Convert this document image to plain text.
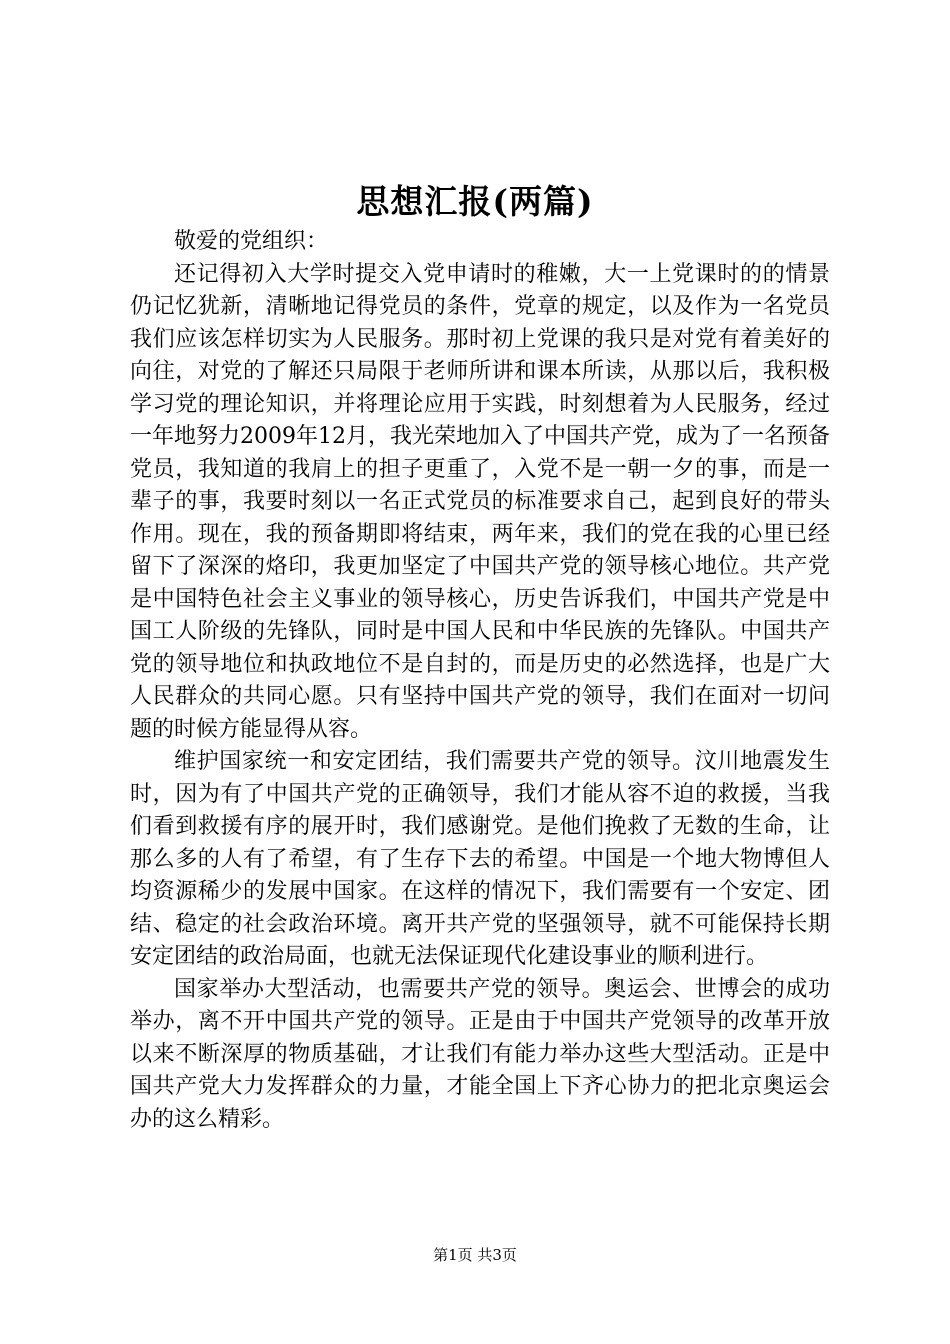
思想汇报(两篇)

敬爱的党组织：

还记得初入大学时提交入党申请时的稚嫩，大一上党课时的的情景仍记忆犹新，清晰地记得党员的条件，党章的规定，以及作为一名党员我们应该怎样切实为人民服务。那时初上党课的我只是对党有着美好的向往，对党的了解还只局限于老师所讲和课本所读，从那以后，我积极学习党的理论知识，并将理论应用于实践，时刻想着为人民服务，经过一年地努力2009年12月，我光荣地加入了中国共产党，成为了一名预备党员，我知道的我肩上的担子更重了，入党不是一朝一夕的事，而是一辈子的事，我要时刻以一名正式党员的标准要求自己，起到良好的带头作用。现在，我的预备期即将结束，两年来，我们的党在我的心里已经留下了深深的烙印，我更加坚定了中国共产党的领导核心地位。共产党是中国特色社会主义事业的领导核心，历史告诉我们，中国共产党是中国工人阶级的先锋队，同时是中国人民和中华民族的先锋队。中国共产党的领导地位和执政地位不是自封的，而是历史的必然选择，也是广大人民群众的共同心愿。只有坚持中国共产党的领导，我们在面对一切问题的时候方能显得从容。

维护国家统一和安定团结，我们需要共产党的领导。汶川地震发生时，因为有了中国共产党的正确领导，我们才能从容不迫的救援，当我们看到救援有序的展开时，我们感谢党。是他们挽救了无数的生命，让那么多的人有了希望，有了生存下去的希望。中国是一个地大物博但人均资源稀少的发展中国家。在这样的情况下，我们需要有一个安定、团结、稳定的社会政治环境。离开共产党的坚强领导，就不可能保持长期安定团结的政治局面，也就无法保证现代化建设事业的顺利进行。

国家举办大型活动，也需要共产党的领导。奥运会、世博会的成功举办，离不开中国共产党的领导。正是由于中国共产党领导的改革开放以来不断深厚的物质基础，才让我们有能力举办这些大型活动。正是中国共产党大力发挥群众的力量，才能全国上下齐心协力的把北京奥运会办的这么精彩。

第1页 共3页
